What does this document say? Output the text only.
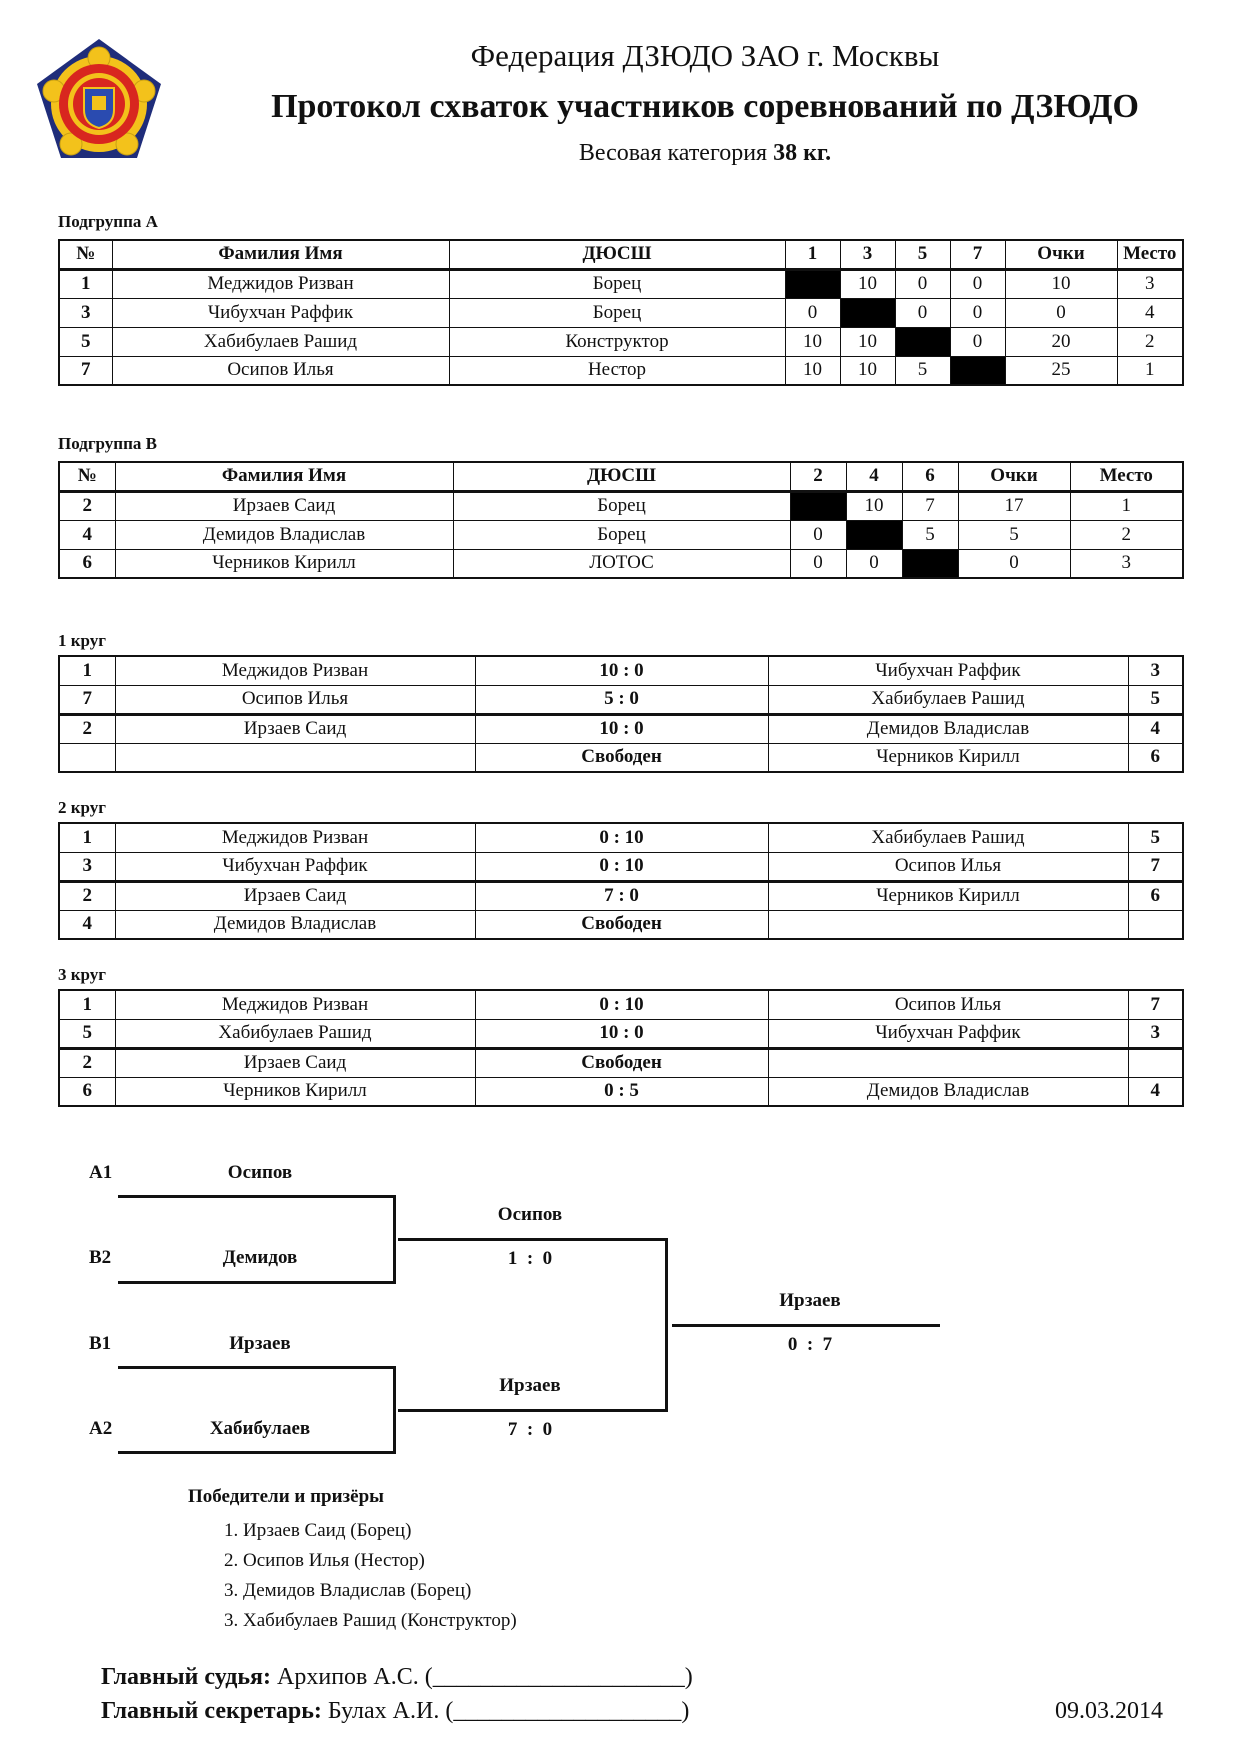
Федерация ДЗЮДО ЗАО г. Москвы
Протокол схваток участников соревнований по ДЗЮДО
Весовая категория 38 кг.
Подгруппа А
№	Фамилия Имя	ДЮСШ	1	3	5	7	Очки	Место
1	Меджидов Ризван	Борец		10	0	0	10	3
3	Чибухчан Раффик	Борец	0		0	0	0	4
5	Хабибулаев Рашид	Конструктор	10	10		0	20	2
7	Осипов Илья	Нестор	10	10	5		25	1
Подгруппа В
№	Фамилия Имя	ДЮСШ	2	4	6	Очки	Место
2	Ирзаев Саид	Борец		10	7	17	1
4	Демидов Владислав	Борец	0		5	5	2
6	Черников Кирилл	ЛОТОС	0	0		0	3
1 круг
1	Меджидов Ризван	10 : 0	Чибухчан Раффик	3
7	Осипов Илья	5 : 0	Хабибулаев Рашид	5
2	Ирзаев Саид	10 : 0	Демидов Владислав	4
		Свободен	Черников Кирилл	6
2 круг
1	Меджидов Ризван	0 : 10	Хабибулаев Рашид	5
3	Чибухчан Раффик	0 : 10	Осипов Илья	7
2	Ирзаев Саид	7 : 0	Черников Кирилл	6
4	Демидов Владислав	Свободен		
3 круг
1	Меджидов Ризван	0 : 10	Осипов Илья	7
5	Хабибулаев Рашид	10 : 0	Чибухчан Раффик	3
2	Ирзаев Саид	Свободен		
6	Черников Кирилл	0 : 5	Демидов Владислав	4
A1	Осипов
B2	Демидов
Осипов
1  :  0
B1	Ирзаев
A2	Хабибулаев
Ирзаев
7  :  0
Ирзаев
0  :  7
Победители и призёры
1. Ирзаев Саид (Борец)
2. Осипов Илья (Нестор)
3. Демидов Владислав (Борец)
3. Хабибулаев Рашид (Конструктор)
Главный судья: Архипов А.С. (_____________________)
Главный секретарь: Булах А.И. (___________________)	09.03.2014
